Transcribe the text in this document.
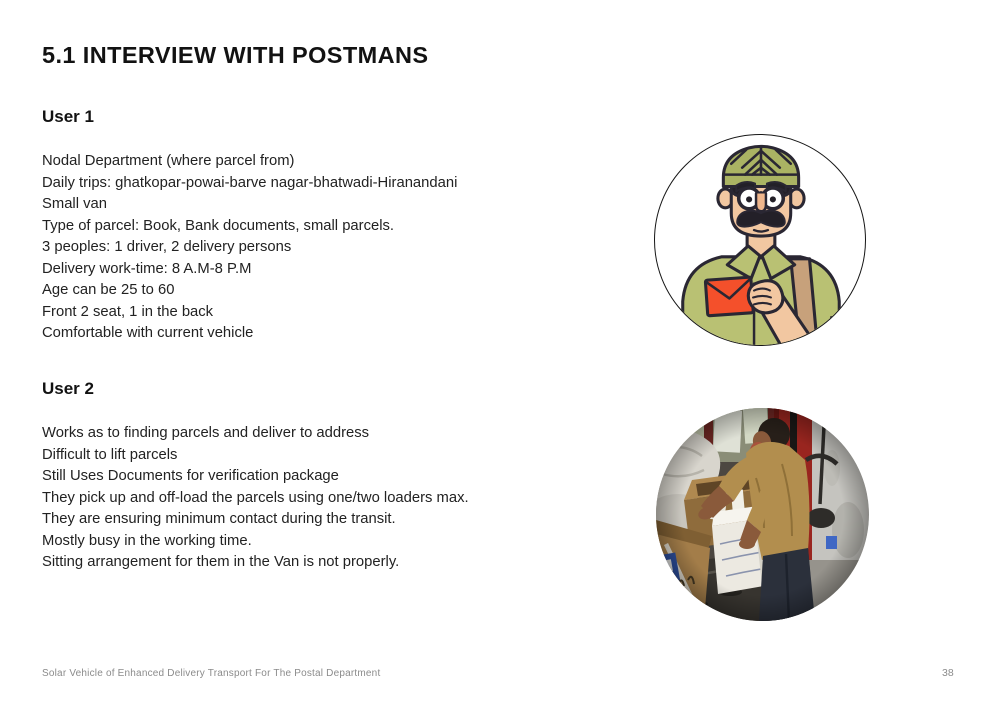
5.1 INTERVIEW WITH POSTMANS
User 1
Nodal Department (where parcel from)
Daily trips: ghatkopar-powai-barve nagar-bhatwadi-Hiranandani
Small van
Type of parcel: Book, Bank documents, small parcels.
3 peoples: 1 driver, 2 delivery persons
Delivery work-time: 8 A.M-8 P.M
Age can be 25 to 60
Front 2 seat, 1 in the back
Comfortable with current vehicle
User 2
Works as to finding parcels and deliver to address
Difficult to lift parcels
Still Uses Documents for verification package
They pick up and off-load the parcels using one/two loaders max.
They are ensuring minimum contact during the transit.
Mostly busy in the working time.
Sitting arrangement for them in the Van is not properly.
Solar Vehicle of Enhanced Delivery Transport For The Postal Department	38
